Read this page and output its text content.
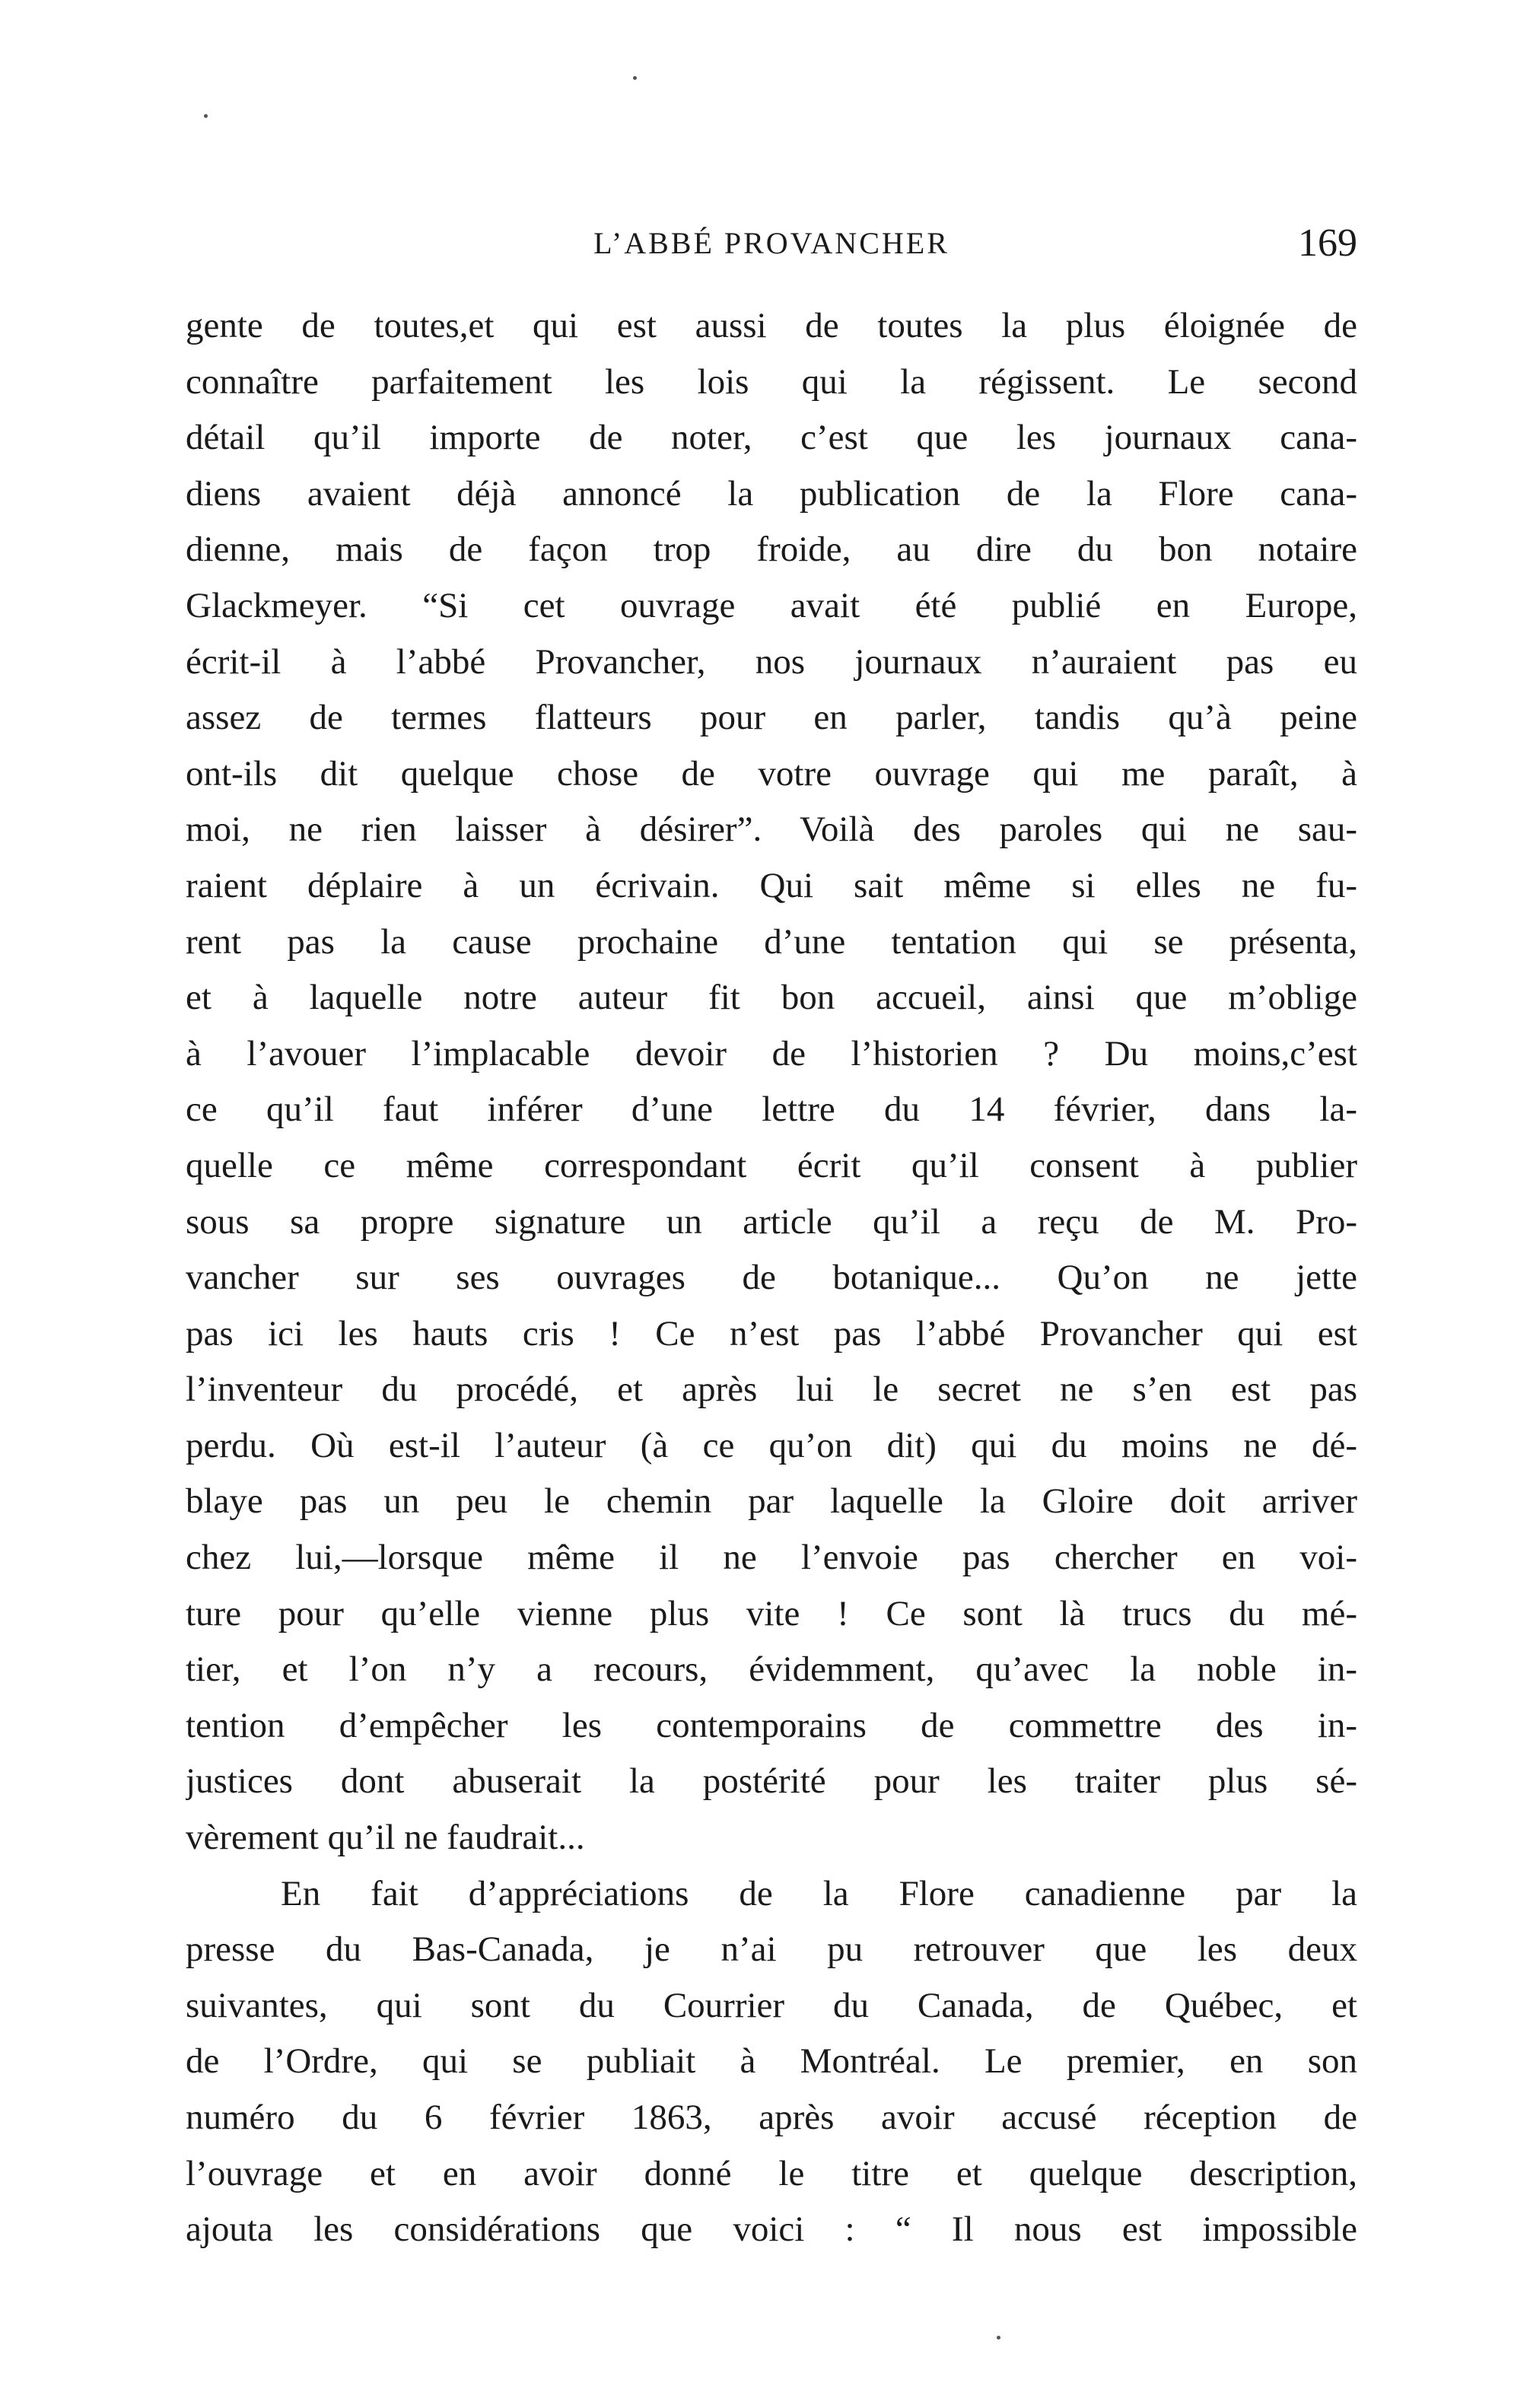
L’ABBÉ PROVANCHER	169
gente de toutes,et qui est aussi de toutes la plus éloignée de
connaître parfaitement les lois qui la régissent. Le second
détail qu’il importe de noter, c’est que les journaux cana-
diens avaient déjà annoncé la publication de la Flore cana-
dienne, mais de façon trop froide, au dire du bon notaire
Glackmeyer. “Si cet ouvrage avait été publié en Europe,
écrit-il à l’abbé Provancher, nos journaux n’auraient pas eu
assez de termes flatteurs pour en parler, tandis qu’à peine
ont-ils dit quelque chose de votre ouvrage qui me paraît, à
moi, ne rien laisser à désirer”. Voilà des paroles qui ne sau-
raient déplaire à un écrivain. Qui sait même si elles ne fu-
rent pas la cause prochaine d’une tentation qui se présenta,
et à laquelle notre auteur fit bon accueil, ainsi que m’oblige
à l’avouer l’implacable devoir de l’historien ? Du moins,c’est
ce qu’il faut inférer d’une lettre du 14 février, dans la-
quelle ce même correspondant écrit qu’il consent à publier
sous sa propre signature un article qu’il a reçu de M. Pro-
vancher sur ses ouvrages de botanique... Qu’on ne jette
pas ici les hauts cris ! Ce n’est pas l’abbé Provancher qui est
l’inventeur du procédé, et après lui le secret ne s’en est pas
perdu. Où est-il l’auteur (à ce qu’on dit) qui du moins ne dé-
blaye pas un peu le chemin par laquelle la Gloire doit arriver
chez lui,—lorsque même il ne l’envoie pas chercher en voi-
ture pour qu’elle vienne plus vite ! Ce sont là trucs du mé-
tier, et l’on n’y a recours, évidemment, qu’avec la noble in-
tention d’empêcher les contemporains de commettre des in-
justices dont abuserait la postérité pour les traiter plus sé-
vèrement qu’il ne faudrait...
En fait d’appréciations de la Flore canadienne par la
presse du Bas-Canada, je n’ai pu retrouver que les deux
suivantes, qui sont du Courrier du Canada, de Québec, et
de l’Ordre, qui se publiait à Montréal. Le premier, en son
numéro du 6 février 1863, après avoir accusé réception de
l’ouvrage et en avoir donné le titre et quelque description,
ajouta les considérations que voici : “ Il nous est impossible
